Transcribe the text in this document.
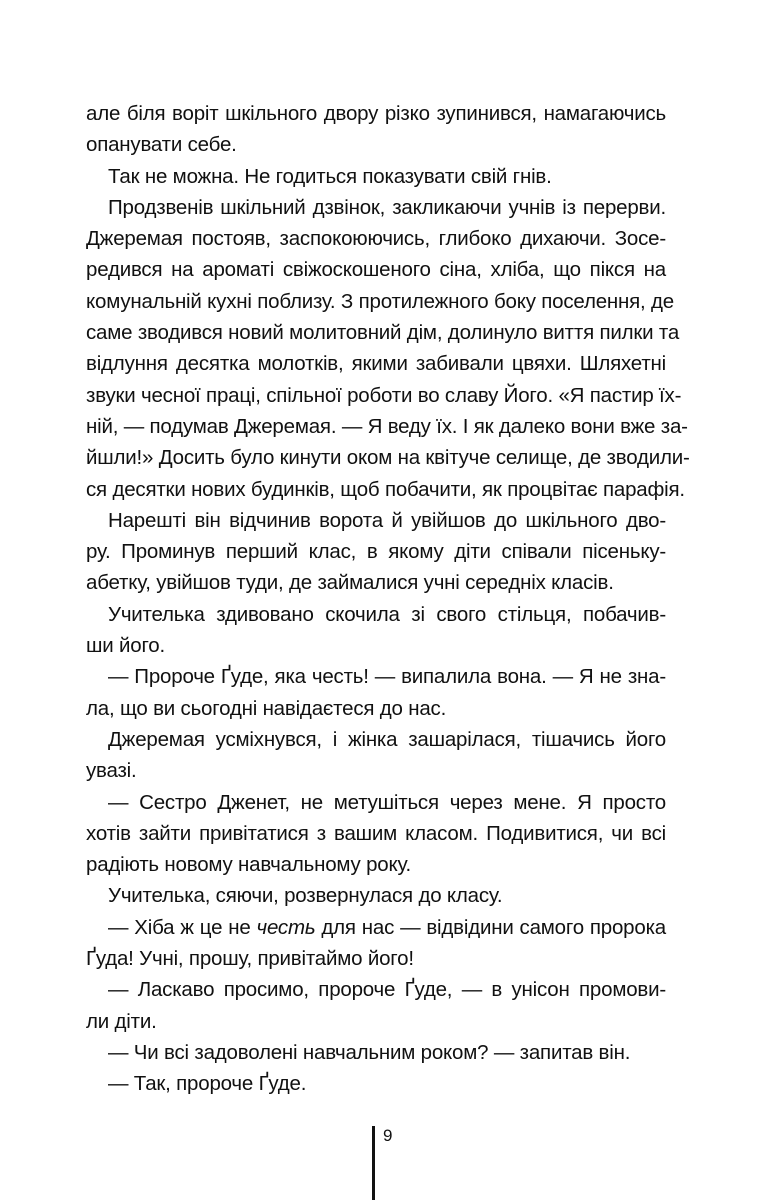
але біля воріт шкільного двору різко зупинився, намагаючись
опанувати себе.

Так не можна. Не годиться показувати свій гнів.

Продзвенів шкільний дзвінок, закликаючи учнів із перерви.
Джеремая постояв, заспокоюючись, глибоко дихаючи. Зосе-
редився на ароматі свіжоскошеного сіна, хліба, що пікся на
комунальній кухні поблизу. З протилежного боку поселення, де
саме зводився новий молитовний дім, долинуло виття пилки та
відлуння десятка молотків, якими забивали цвяхи. Шляхетні
звуки чесної праці, спільної роботи во славу Його. «Я пастир їх-
ній, — подумав Джеремая. — Я веду їх. І як далеко вони вже за-
йшли!» Досить було кинути оком на квітуче селище, де зводили-
ся десятки нових будинків, щоб побачити, як процвітає парафія.

Нарешті він відчинив ворота й увійшов до шкільного дво-
ру. Проминув перший клас, в якому діти співали пісеньку-
абетку, увійшов туди, де займалися учні середніх класів.

Учителька здивовано скочила зі свого стільця, побачив-
ши його.

— Пророче Ґуде, яка честь! — випалила вона. — Я не зна-
ла, що ви сьогодні навідаєтеся до нас.

Джеремая усміхнувся, і жінка зашарілася, тішачись його
увазі.

— Сестро Дженет, не метушіться через мене. Я просто
хотів зайти привітатися з вашим класом. Подивитися, чи всі
радіють новому навчальному року.

Учителька, сяючи, розвернулася до класу.

— Хіба ж це не честь для нас — відвідини самого пророка
Ґуда! Учні, прошу, привітаймо його!

— Ласкаво просимо, пророче Ґуде, — в унісон промови-
ли діти.

— Чи всі задоволені навчальним роком? — запитав він.

— Так, пророче Ґуде.

9
